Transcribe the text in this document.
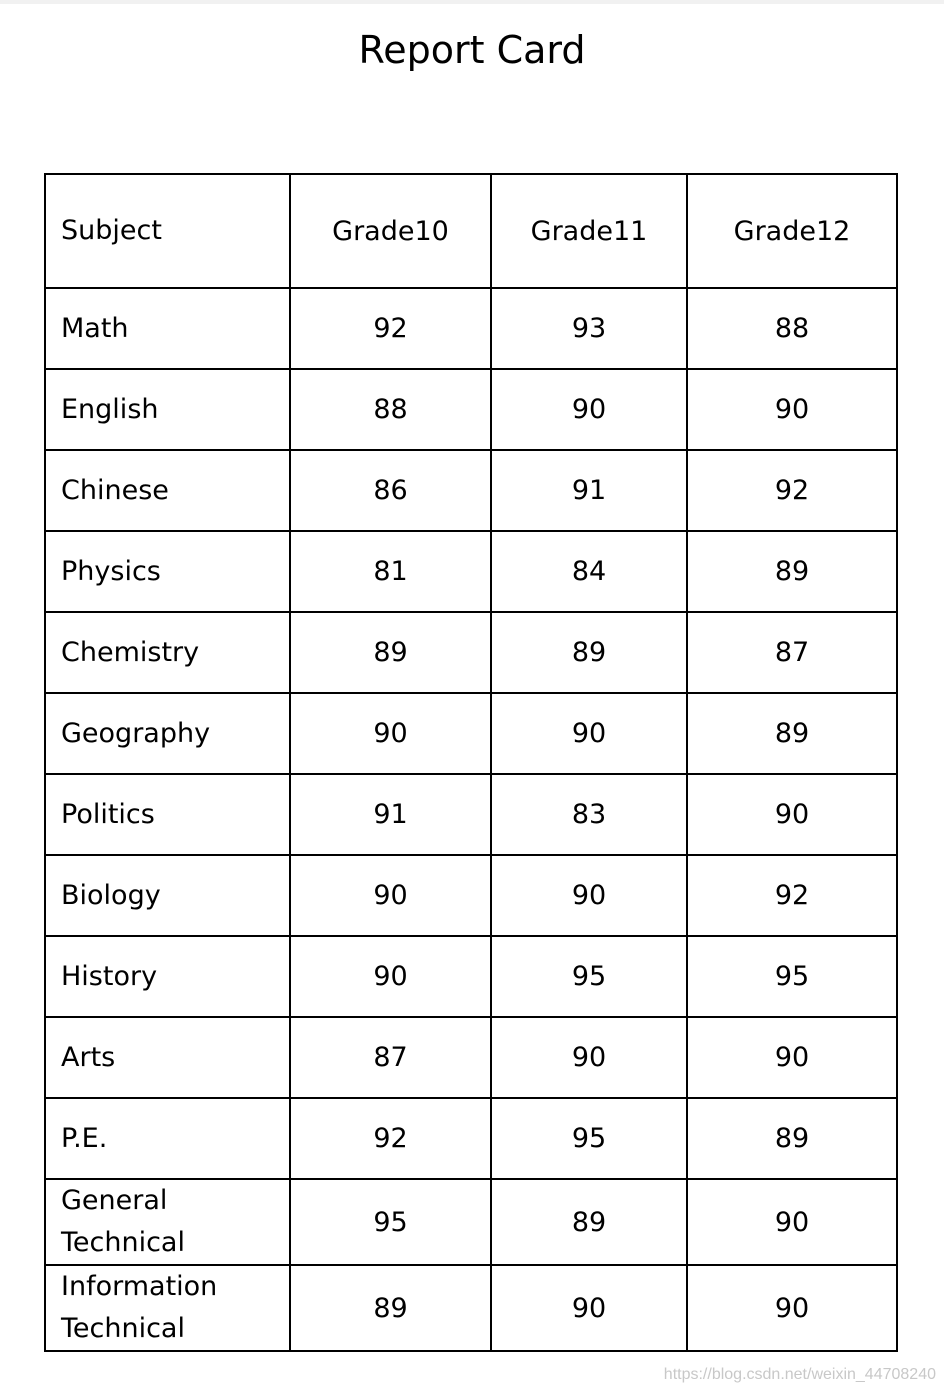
Report Card
Subject	Grade10	Grade11	Grade12
Math	92	93	88
English	88	90	90
Chinese	86	91	92
Physics	81	84	89
Chemistry	89	89	87
Geography	90	90	89
Politics	91	83	90
Biology	90	90	92
History	90	95	95
Arts	87	90	90
P.E.	92	95	89
General Technical	95	89	90
Information Technical	89	90	90
https://blog.csdn.net/weixin_44708240
